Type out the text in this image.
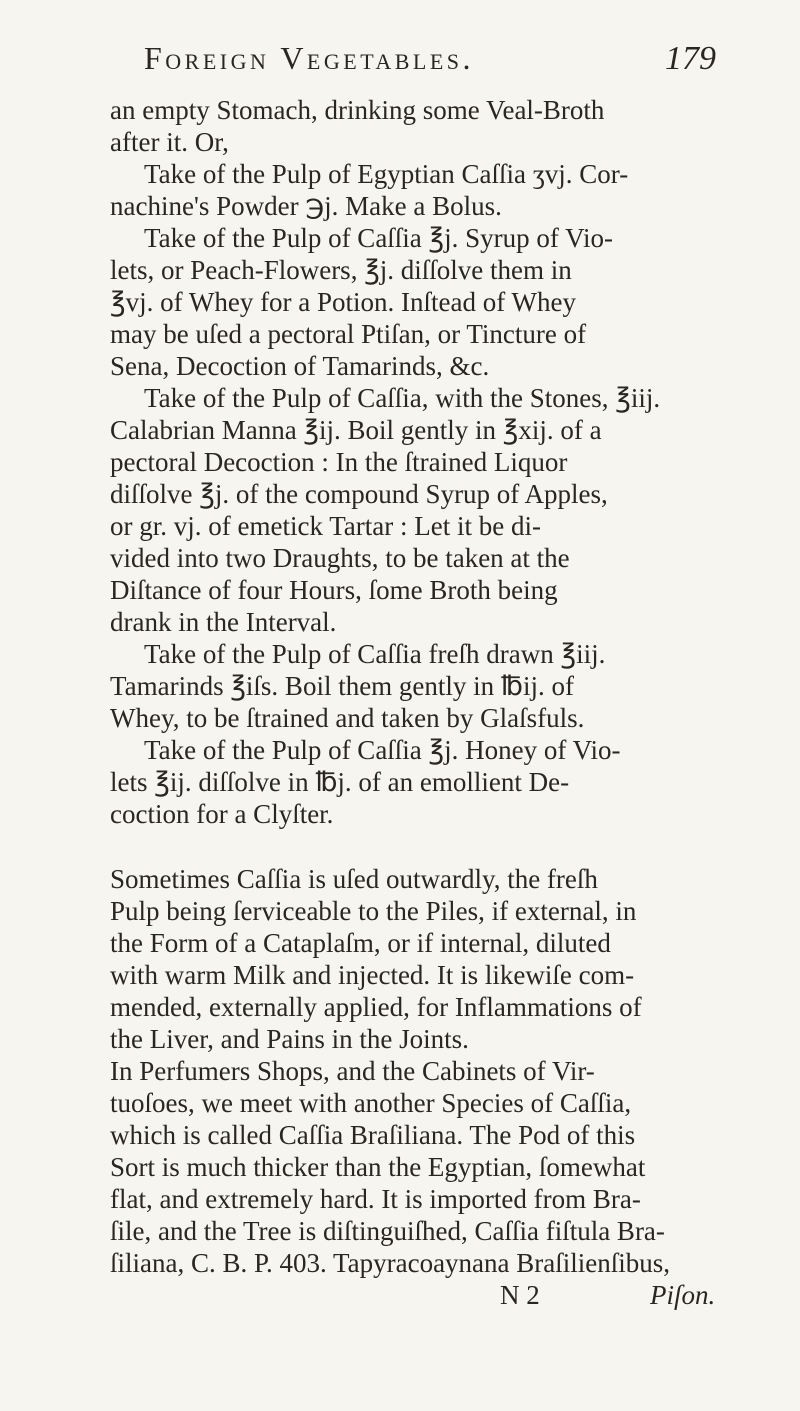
Foreign Vegetables.	179
an empty Stomach, drinking some Veal-Broth
after it. Or,
Take of the Pulp of Egyptian Caſſia ʒvj. Cor-
nachine's Powder ℈j. Make a Bolus.
Take of the Pulp of Caſſia ℥j. Syrup of Vio-
lets, or Peach-Flowers, ℥j. diſſolve them in
℥vj. of Whey for a Potion. Inſtead of Whey
may be uſed a pectoral Ptiſan, or Tincture of
Sena, Decoction of Tamarinds, &c.
Take of the Pulp of Caſſia, with the Stones, ℥iij.
Calabrian Manna ℥ij. Boil gently in ℥xij. of a
pectoral Decoction : In the ſtrained Liquor
diſſolve ℥j. of the compound Syrup of Apples,
or gr. vj. of emetick Tartar : Let it be di-
vided into two Draughts, to be taken at the
Diſtance of four Hours, ſome Broth being
drank in the Interval.
Take of the Pulp of Caſſia freſh drawn ℥iij.
Tamarinds ℥iſs. Boil them gently in ℔ij. of
Whey, to be ſtrained and taken by Glaſsfuls.
Take of the Pulp of Caſſia ℥j. Honey of Vio-
lets ℥ij. diſſolve in ℔j. of an emollient De-
coction for a Clyſter.
Sometimes Caſſia is uſed outwardly, the freſh
Pulp being ſerviceable to the Piles, if external, in
the Form of a Cataplaſm, or if internal, diluted
with warm Milk and injected. It is likewiſe com-
mended, externally applied, for Inflammations of
the Liver, and Pains in the Joints.
In Perfumers Shops, and the Cabinets of Vir-
tuoſoes, we meet with another Species of Caſſia,
which is called Caſſia Braſiliana. The Pod of this
Sort is much thicker than the Egyptian, ſomewhat
flat, and extremely hard. It is imported from Bra-
ſile, and the Tree is diſtinguiſhed, Caſſia fiſtula Bra-
ſiliana, C. B. P. 403. Tapyracoaynana Braſilienſibus,
N 2	Piſon.
